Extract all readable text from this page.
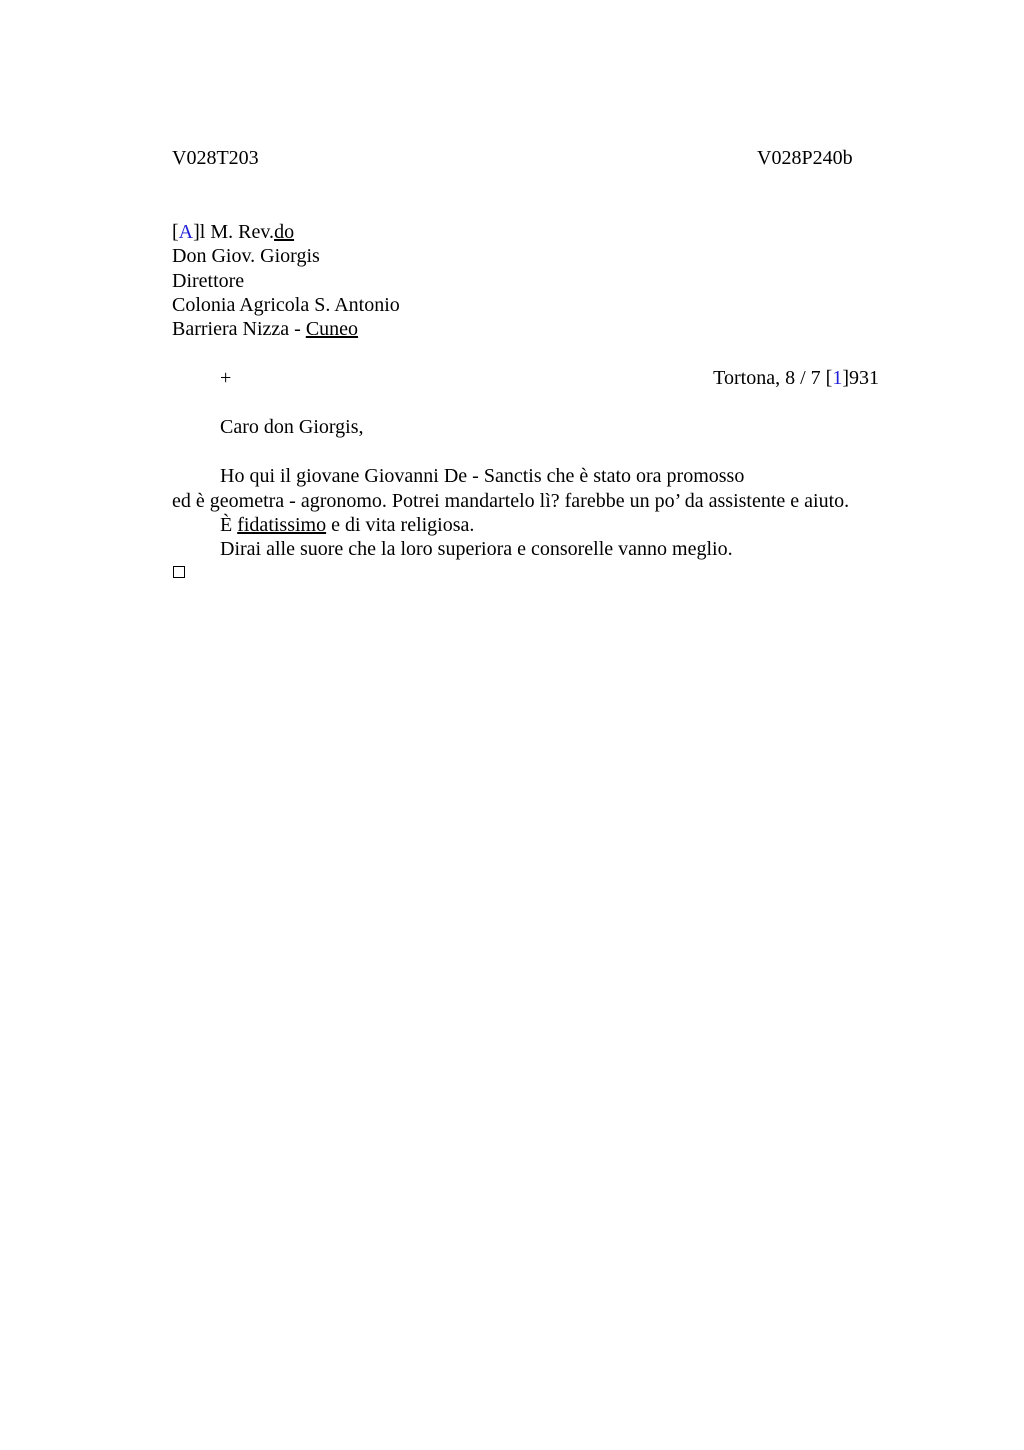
V028T203	V028P240b
[A]l M. Rev.do
Don Giov. Giorgis
Direttore
Colonia Agricola S. Antonio
Barriera Nizza - Cuneo
+	Tortona, 8 / 7 [1]931
Caro don Giorgis,
Ho qui il giovane Giovanni De - Sanctis che è stato ora promosso
ed è geometra - agronomo. Potrei mandartelo lì? farebbe un po’ da assistente e aiuto.
È fidatissimo e di vita religiosa.
Dirai alle suore che la loro superiora e consorelle vanno meglio.
